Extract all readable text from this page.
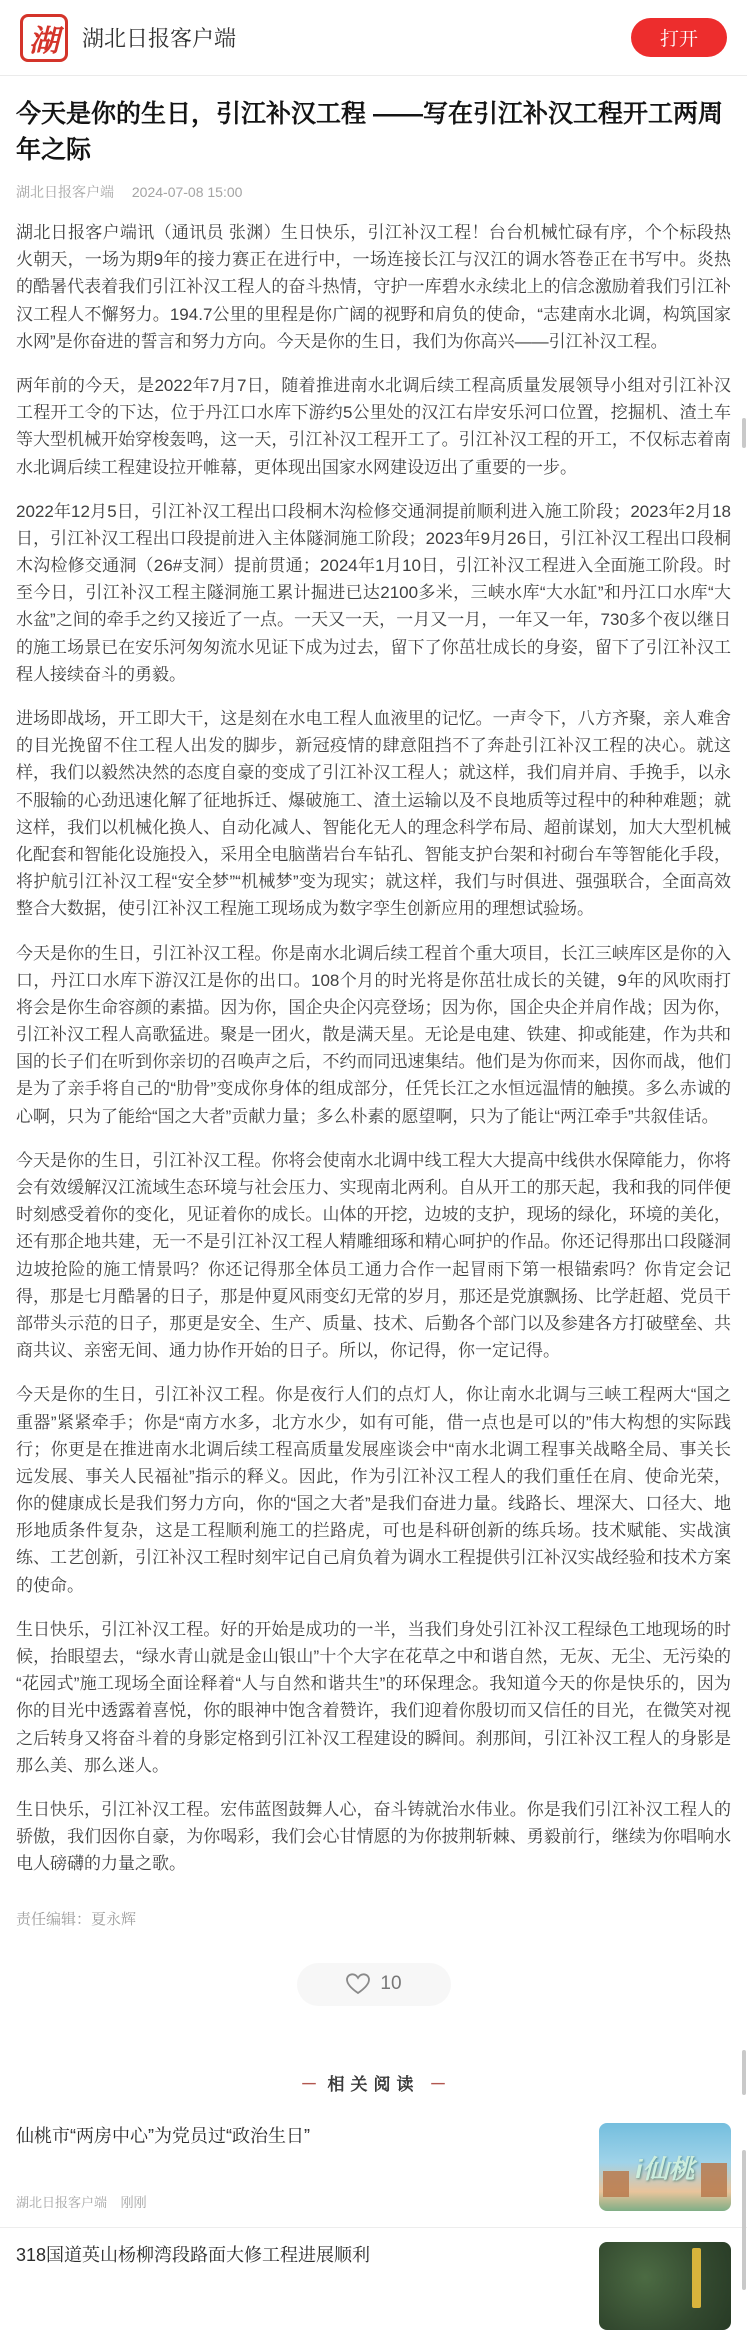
湖	湖北日报客户端	打开
今天是你的生日，引江补汉工程 ——写在引江补汉工程开工两周年之际
湖北日报客户端 2024-07-08 15:00

湖北日报客户端讯（通讯员 张渊）生日快乐，引江补汉工程！台台机械忙碌有序，个个标段热火朝天，一场为期9年的接力赛正在进行中，一场连接长江与汉江的调水答卷正在书写中。炎热的酷暑代表着我们引江补汉工程人的奋斗热情，守护一库碧水永续北上的信念激励着我们引江补汉工程人不懈努力。194.7公里的里程是你广阔的视野和肩负的使命，“志建南水北调，构筑国家水网”是你奋进的誓言和努力方向。今天是你的生日，我们为你高兴——引江补汉工程。

两年前的今天，是2022年7月7日，随着推进南水北调后续工程高质量发展领导小组对引江补汉工程开工令的下达，位于丹江口水库下游约5公里处的汉江右岸安乐河口位置，挖掘机、渣土车等大型机械开始穿梭轰鸣，这一天，引江补汉工程开工了。引江补汉工程的开工，不仅标志着南水北调后续工程建设拉开帷幕，更体现出国家水网建设迈出了重要的一步。

2022年12月5日，引江补汉工程出口段桐木沟检修交通洞提前顺利进入施工阶段；2023年2月18日，引江补汉工程出口段提前进入主体隧洞施工阶段；2023年9月26日，引江补汉工程出口段桐木沟检修交通洞（26#支洞）提前贯通；2024年1月10日，引江补汉工程进入全面施工阶段。时至今日，引江补汉工程主隧洞施工累计掘进已达2100多米，三峡水库“大水缸”和丹江口水库“大水盆”之间的牵手之约又接近了一点。一天又一天，一月又一月，一年又一年，730多个夜以继日的施工场景已在安乐河匆匆流水见证下成为过去，留下了你茁壮成长的身姿，留下了引江补汉工程人接续奋斗的勇毅。

进场即战场，开工即大干，这是刻在水电工程人血液里的记忆。一声令下，八方齐聚，亲人难舍的目光挽留不住工程人出发的脚步，新冠疫情的肆意阻挡不了奔赴引江补汉工程的决心。就这样，我们以毅然决然的态度自豪的变成了引江补汉工程人；就这样，我们肩并肩、手挽手，以永不服输的心劲迅速化解了征地拆迁、爆破施工、渣土运输以及不良地质等过程中的种种难题；就这样，我们以机械化换人、自动化减人、智能化无人的理念科学布局、超前谋划，加大大型机械化配套和智能化设施投入，采用全电脑凿岩台车钻孔、智能支护台架和衬砌台车等智能化手段，将护航引江补汉工程“安全梦”“机械梦”变为现实；就这样，我们与时俱进、强强联合，全面高效整合大数据，使引江补汉工程施工现场成为数字孪生创新应用的理想试验场。

今天是你的生日，引江补汉工程。你是南水北调后续工程首个重大项目，长江三峡库区是你的入口，丹江口水库下游汉江是你的出口。108个月的时光将是你茁壮成长的关键，9年的风吹雨打将会是你生命容颜的素描。因为你，国企央企闪亮登场；因为你，国企央企并肩作战；因为你，引江补汉工程人高歌猛进。聚是一团火，散是满天星。无论是电建、铁建、抑或能建，作为共和国的长子们在听到你亲切的召唤声之后，不约而同迅速集结。他们是为你而来，因你而战，他们是为了亲手将自己的“肋骨”变成你身体的组成部分，任凭长江之水恒远温情的触摸。多么赤诚的心啊，只为了能给“国之大者”贡献力量；多么朴素的愿望啊，只为了能让“两江牵手”共叙佳话。

今天是你的生日，引江补汉工程。你将会使南水北调中线工程大大提高中线供水保障能力，你将会有效缓解汉江流域生态环境与社会压力、实现南北两利。自从开工的那天起，我和我的同伴便时刻感受着你的变化，见证着你的成长。山体的开挖，边坡的支护，现场的绿化，环境的美化，还有那企地共建，无一不是引江补汉工程人精雕细琢和精心呵护的作品。你还记得那出口段隧洞边坡抢险的施工情景吗？你还记得那全体员工通力合作一起冒雨下第一根锚索吗？你肯定会记得，那是七月酷暑的日子，那是仲夏风雨变幻无常的岁月，那还是党旗飘扬、比学赶超、党员干部带头示范的日子，那更是安全、生产、质量、技术、后勤各个部门以及参建各方打破壁垒、共商共议、亲密无间、通力协作开始的日子。所以，你记得，你一定记得。

今天是你的生日，引江补汉工程。你是夜行人们的点灯人，你让南水北调与三峡工程两大“国之重器”紧紧牵手；你是“南方水多，北方水少，如有可能，借一点也是可以的”伟大构想的实际践行；你更是在推进南水北调后续工程高质量发展座谈会中“南水北调工程事关战略全局、事关长远发展、事关人民福祉”指示的释义。因此，作为引江补汉工程人的我们重任在肩、使命光荣，你的健康成长是我们努力方向，你的“国之大者”是我们奋进力量。线路长、埋深大、口径大、地形地质条件复杂，这是工程顺利施工的拦路虎，可也是科研创新的练兵场。技术赋能、实战演练、工艺创新，引江补汉工程时刻牢记自己肩负着为调水工程提供引江补汉实战经验和技术方案的使命。

生日快乐，引江补汉工程。好的开始是成功的一半，当我们身处引江补汉工程绿色工地现场的时候，抬眼望去，“绿水青山就是金山银山”十个大字在花草之中和谐自然，无灰、无尘、无污染的“花园式”施工现场全面诠释着“人与自然和谐共生”的环保理念。我知道今天的你是快乐的，因为你的目光中透露着喜悦，你的眼神中饱含着赞许，我们迎着你殷切而又信任的目光，在微笑对视之后转身又将奋斗着的身影定格到引江补汉工程建设的瞬间。刹那间，引江补汉工程人的身影是那么美、那么迷人。

生日快乐，引江补汉工程。宏伟蓝图鼓舞人心，奋斗铸就治水伟业。你是我们引江补汉工程人的骄傲，我们因你自豪，为你喝彩，我们会心甘情愿的为你披荆斩棘、勇毅前行，继续为你唱响水电人磅礴的力量之歌。

责任编辑：夏永辉
10
－ 相关阅读 －
仙桃市“两房中心”为党员过“政治生日”
湖北日报客户端 刚刚
i仙桃
318国道英山杨柳湾段路面大修工程进展顺利
